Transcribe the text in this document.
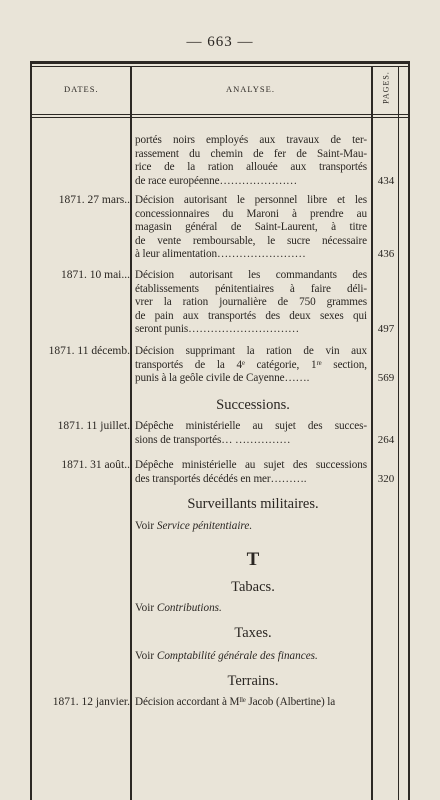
— 663 —
DATES.	ANALYSE.	PAGES.
portés noirs employés aux travaux de ter-
rassement du chemin de fer de Saint-Mau-
rice de la ration allouée aux transportés
de race européenne…………………	434
1871. 27 mars.. Décision autorisant le personnel libre et les
concessionnaires du Maroni à prendre au
magasin général de Saint-Laurent, à titre
de vente remboursable, le sucre nécessaire
à leur alimentation……………………	436
1871. 10 mai... Décision autorisant les commandants des
établissements pénitentiaires à faire déli-
vrer la ration journalière de 750 grammes
de pain aux transportés des deux sexes qui
seront punis…………………………	497
1871. 11 décemb. Décision supprimant la ration de vin aux
transportés de la 4ᵉ catégorie, 1ʳᵉ section,
punis à la geôle civile de Cayenne…….	569
Successions.
1871. 11 juillet. Dépêche ministérielle au sujet des succes-
sions de transportés… ……………	264
1871. 31 août.. Dépêche ministérielle au sujet des successions
des transportés décédés en mer……….	320
Surveillants militaires.
Voir Service pénitentiaire.
T
Tabacs.
Voir Contributions.
Taxes.
Voir Comptabilité générale des finances.
Terrains.
1871. 12 janvier. Décision accordant à Mˡˡᵉ Jacob (Albertine) la
